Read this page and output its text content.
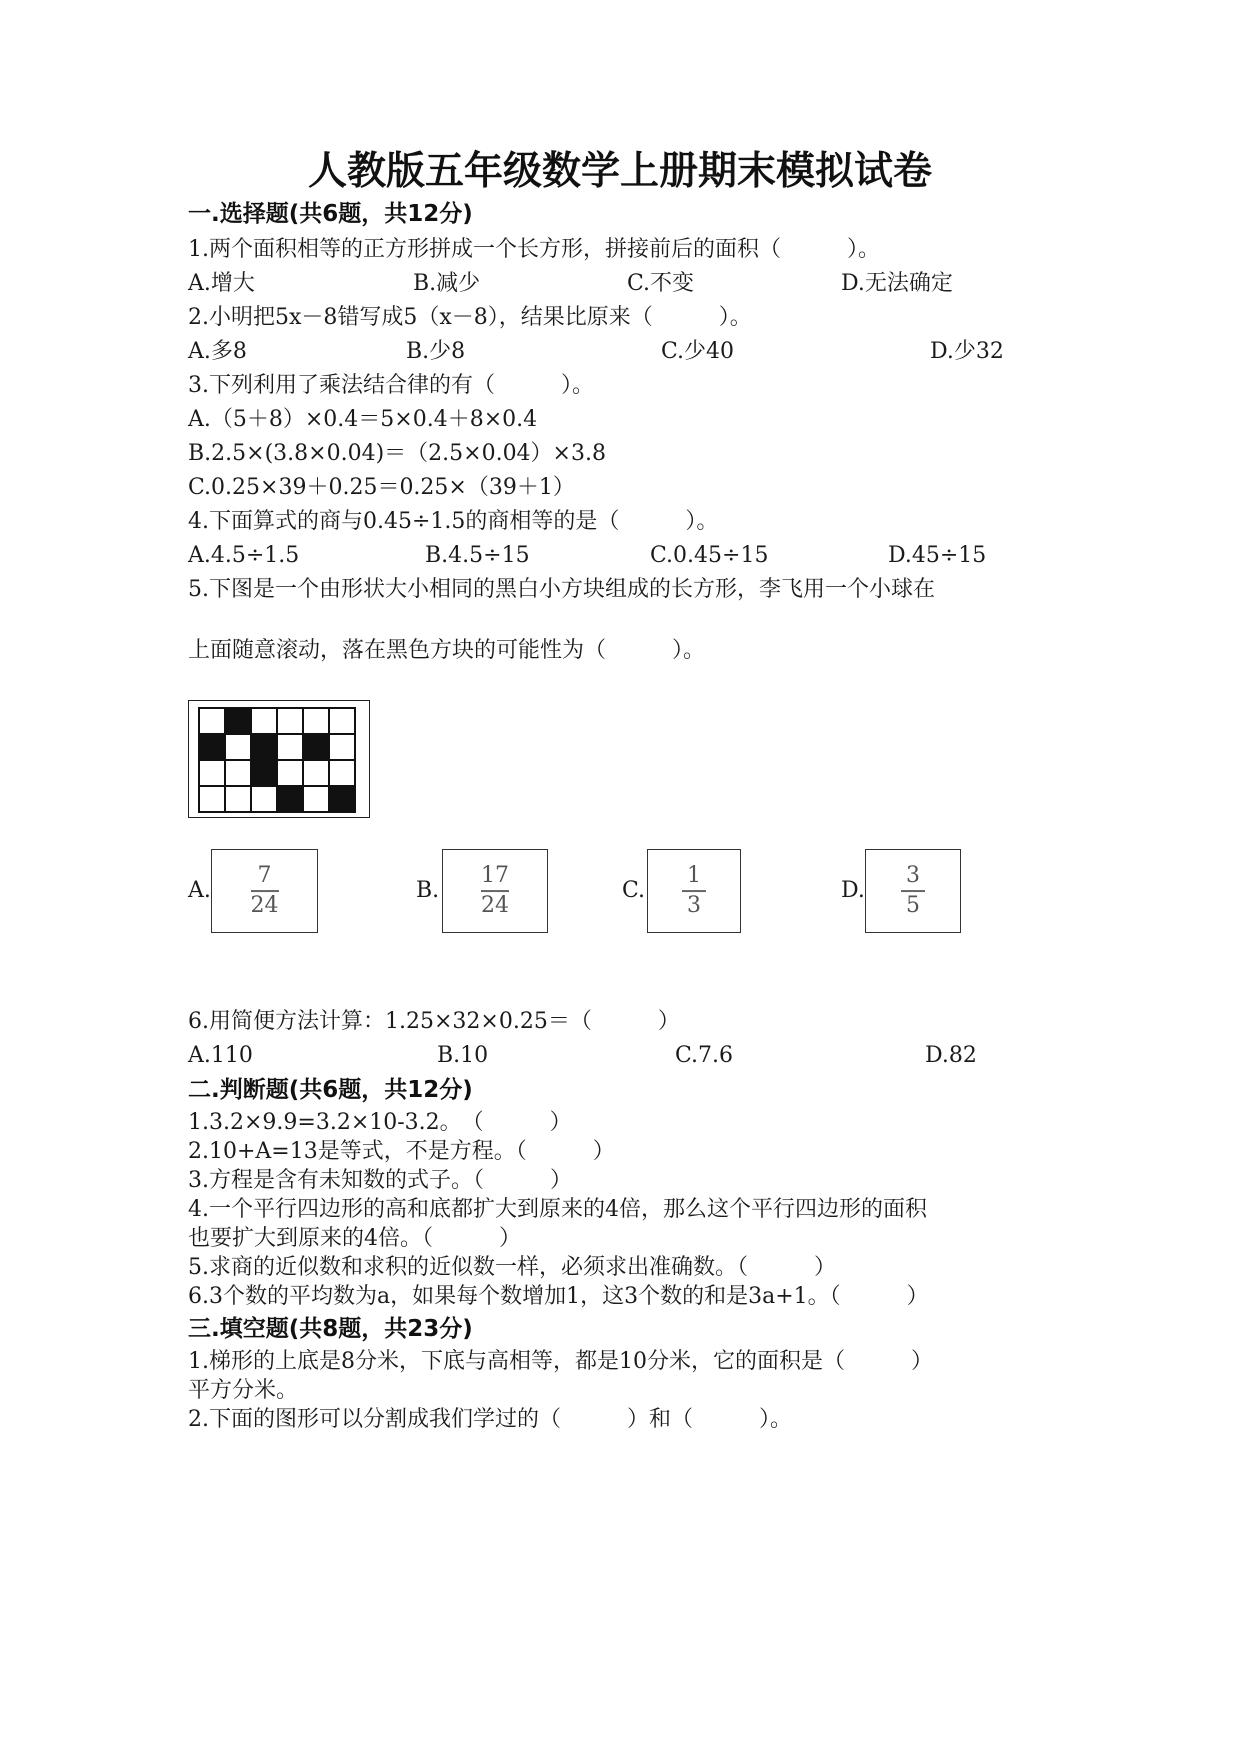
人教版五年级数学上册期末模拟试卷
一.选择题(共6题，共12分)
1.两个面积相等的正方形拼成一个长方形，拼接前后的面积（　　　）。
A.增大	B.减少	C.不变	D.无法确定
2.小明把5x－8错写成5（x－8），结果比原来（　　　）。
A.多8	B.少8	C.少40	D.少32
3.下列利用了乘法结合律的有（　　　）。
A.（5＋8）×0.4＝5×0.4＋8×0.4
B.2.5×(3.8×0.04)＝（2.5×0.04）×3.8
C.0.25×39＋0.25＝0.25×（39＋1）
4.下面算式的商与0.45÷1.5的商相等的是（　　　）。
A.4.5÷1.5	B.4.5÷15	C.0.45÷15	D.45÷15
5.下图是一个由形状大小相同的黑白小方块组成的长方形，李飞用一个小球在
上面随意滚动，落在黑色方块的可能性为（　　　）。
A.
7
24
B.
17
24
C.
1
3
D.
3
5
6.用简便方法计算：1.25×32×0.25＝（　　　）
A.110	B.10	C.7.6	D.82
二.判断题(共6题，共12分)
1.3.2×9.9=3.2×10-3.2。　（　　　）
2.10+A=13是等式，不是方程。（　　　）
3.方程是含有未知数的式子。（　　　）
4.一个平行四边形的高和底都扩大到原来的4倍，那么这个平行四边形的面积
也要扩大到原来的4倍。（　　　）
5.求商的近似数和求积的近似数一样，必须求出准确数。（　　　）
6.3个数的平均数为a，如果每个数增加1，这3个数的和是3a+1。（　　　）
三.填空题(共8题，共23分)
1.梯形的上底是8分米，下底与高相等，都是10分米，它的面积是（　　　）
平方分米。
2.下面的图形可以分割成我们学过的（　　　）和（　　　）。
